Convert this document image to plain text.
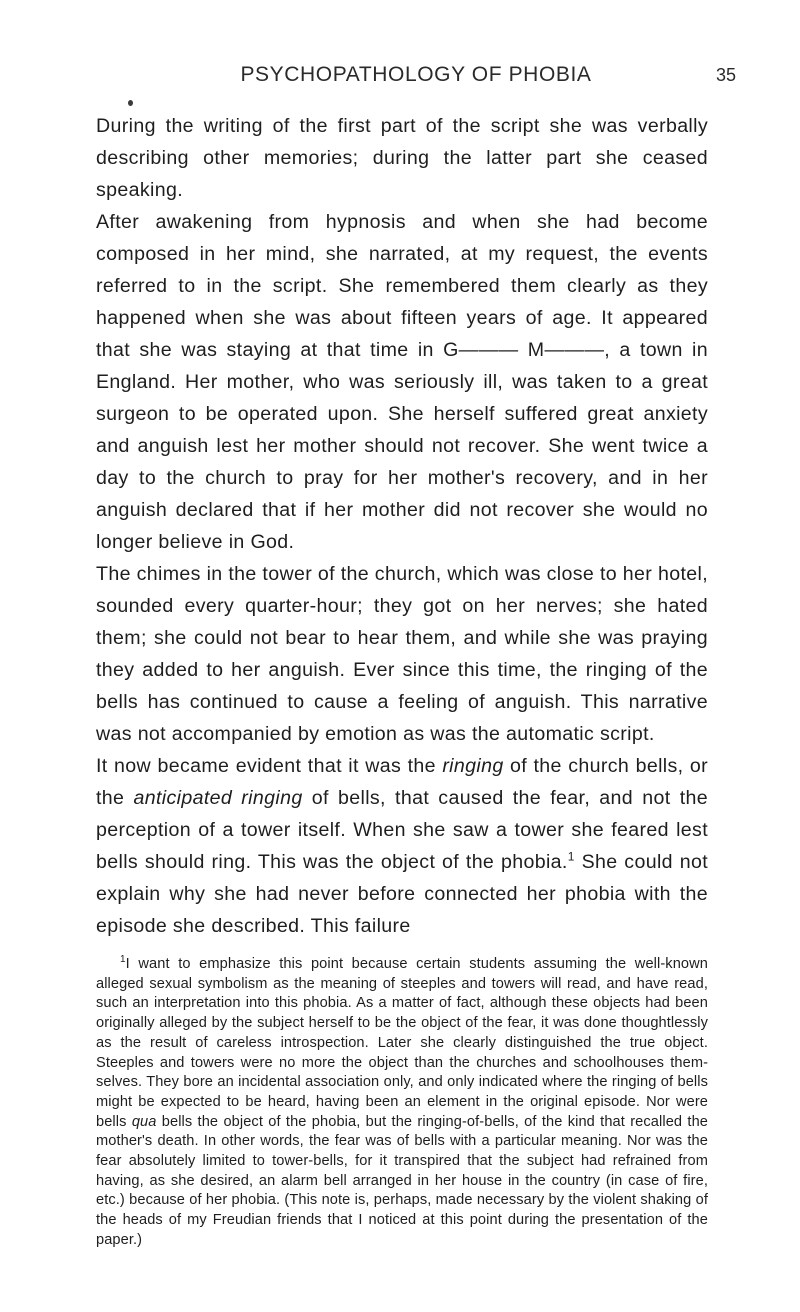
PSYCHOPATHOLOGY OF PHOBIA	35

During the writing of the first part of the script she was verbally describing other memories; during the latter part she ceased speaking.

After awakening from hypnosis and when she had become composed in her mind, she narrated, at my request, the events referred to in the script. She remembered them clearly as they happened when she was about fifteen years of age. It appeared that she was staying at that time in G——— M———, a town in England. Her mother, who was seriously ill, was taken to a great surgeon to be operated upon. She herself suffered great anxiety and anguish lest her mother should not recover. She went twice a day to the church to pray for her mother's recovery, and in her anguish declared that if her mother did not recover she would no longer believe in God.

The chimes in the tower of the church, which was close to her hotel, sounded every quarter-hour; they got on her nerves; she hated them; she could not bear to hear them, and while she was praying they added to her anguish. Ever since this time, the ringing of the bells has continued to cause a feeling of anguish. This narrative was not accompanied by emotion as was the automatic script.

It now became evident that it was the ringing of the church bells, or the anticipated ringing of bells, that caused the fear, and not the perception of a tower itself. When she saw a tower she feared lest bells should ring. This was the object of the phobia.$^1$ She could not explain why she had never before connected her phobia with the episode she described. This failure

$^1$I want to emphasize this point because certain students assuming the well-known alleged sexual symbolism as the meaning of steeples and towers will read, and have read, such an interpretation into this phobia. As a matter of fact, although these objects had been originally alleged by the subject herself to be the object of the fear, it was done thoughtlessly as the result of careless introspection. Later she clearly distinguished the true object. Steeples and towers were no more the object than the churches and schoolhouses themselves. They bore an incidental association only, and only indicated where the ringing of bells might be expected to be heard, having been an element in the original episode. Nor were bells qua bells the object of the phobia, but the ringing-of-bells, of the kind that recalled the mother's death. In other words, the fear was of bells with a particular meaning. Nor was the fear absolutely limited to tower-bells, for it transpired that the subject had refrained from having, as she desired, an alarm bell arranged in her house in the country (in case of fire, etc.) because of her phobia. (This note is, perhaps, made necessary by the violent shaking of the heads of my Freudian friends that I noticed at this point during the presentation of the paper.)
